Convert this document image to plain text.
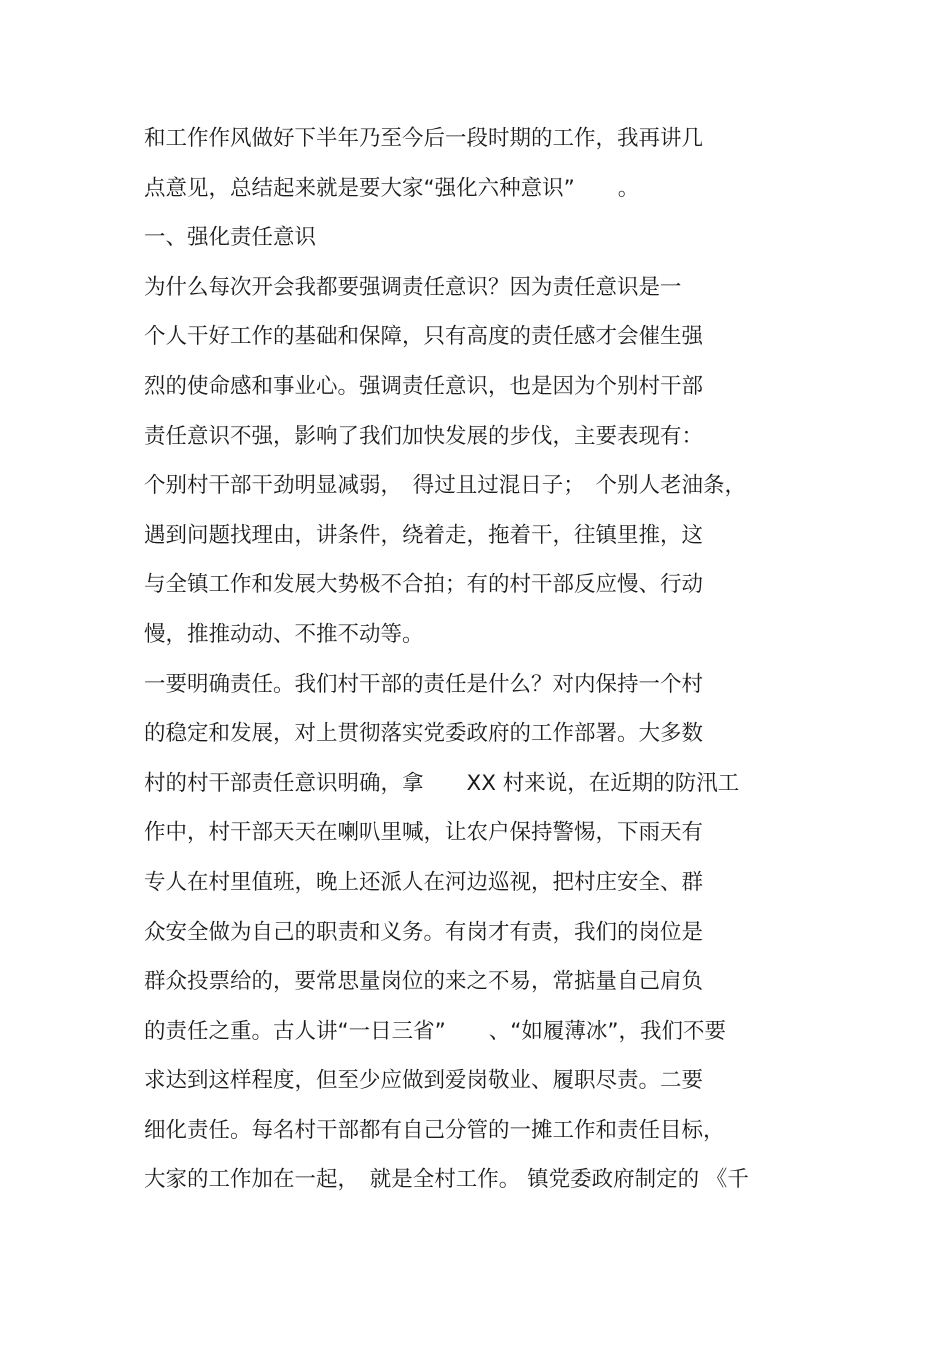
和工作作风做好下半年乃至今后一段时期的工作，我再讲几
点意见，总结起来就是要大家“强化六种意识”　　。
一、强化责任意识
为什么每次开会我都要强调责任意识？因为责任意识是一
个人干好工作的基础和保障，只有高度的责任感才会催生强
烈的使命感和事业心。强调责任意识，也是因为个别村干部
责任意识不强，影响了我们加快发展的步伐，主要表现有：
个别村干部干劲明显减弱，　得过且过混日子；　个别人老油条，
遇到问题找理由，讲条件，绕着走，拖着干，往镇里推，这
与全镇工作和发展大势极不合拍；有的村干部反应慢、行动
慢，推推动动、不推不动等。
一要明确责任。我们村干部的责任是什么？对内保持一个村
的稳定和发展，对上贯彻落实党委政府的工作部署。大多数
村的村干部责任意识明确，拿　　XX 村来说，在近期的防汛工
作中，村干部天天在喇叭里喊，让农户保持警惕，下雨天有
专人在村里值班，晚上还派人在河边巡视，把村庄安全、群
众安全做为自己的职责和义务。有岗才有责，我们的岗位是
群众投票给的，要常思量岗位的来之不易，常掂量自己肩负
的责任之重。古人讲“一日三省”　　、“如履薄冰”，我们不要
求达到这样程度，但至少应做到爱岗敬业、履职尽责。二要
细化责任。每名村干部都有自己分管的一摊工作和责任目标，
大家的工作加在一起，　就是全村工作。 镇党委政府制定的 《千
